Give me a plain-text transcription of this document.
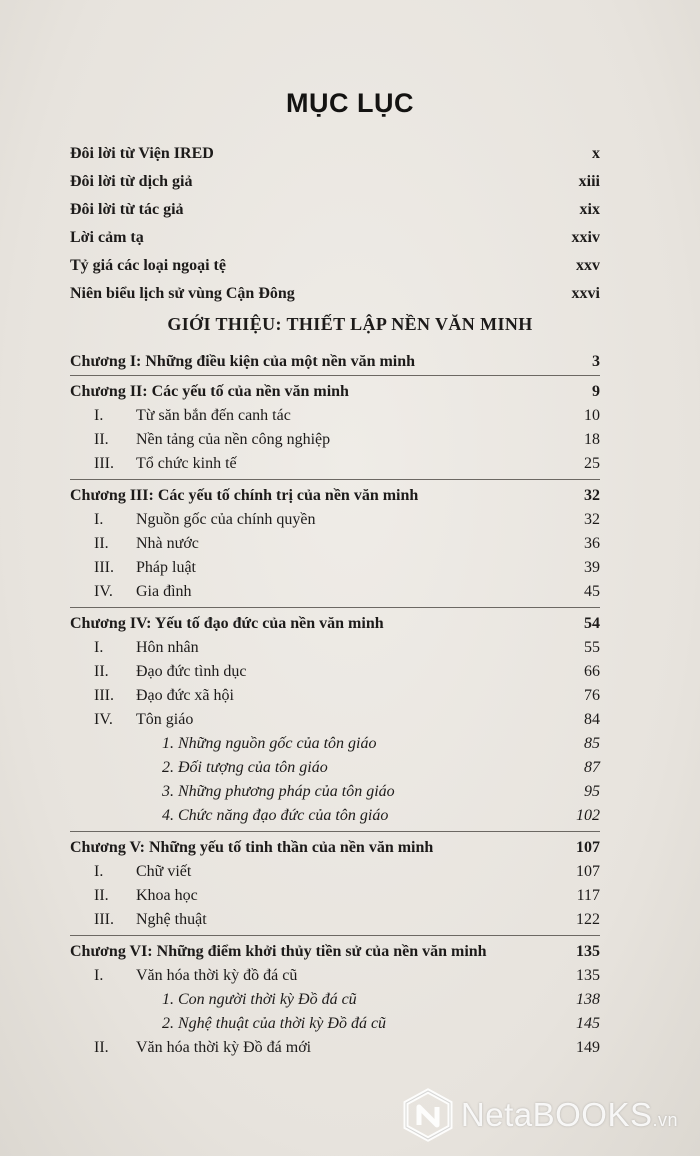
MỤC LỤC
Đôi lời từ Viện IRED	x
Đôi lời từ dịch giả	xiii
Đôi lời từ tác giả	xix
Lời cảm tạ	xxiv
Tỷ giá các loại ngoại tệ	xxv
Niên biểu lịch sử vùng Cận Đông	xxvi
GIỚI THIỆU: THIẾT LẬP NỀN VĂN MINH
Chương I: Những điều kiện của một nền văn minh	3
Chương II: Các yếu tố của nền văn minh	9
I. Từ săn bắn đến canh tác	10
II. Nền tảng của nền công nghiệp	18
III. Tổ chức kinh tế	25
Chương III: Các yếu tố chính trị của nền văn minh	32
I. Nguồn gốc của chính quyền	32
II. Nhà nước	36
III. Pháp luật	39
IV. Gia đình	45
Chương IV: Yếu tố đạo đức của nền văn minh	54
I. Hôn nhân	55
II. Đạo đức tình dục	66
III. Đạo đức xã hội	76
IV. Tôn giáo	84
1. Những nguồn gốc của tôn giáo	85
2. Đối tượng của tôn giáo	87
3. Những phương pháp của tôn giáo	95
4. Chức năng đạo đức của tôn giáo	102
Chương V: Những yếu tố tinh thần của nền văn minh	107
I. Chữ viết	107
II. Khoa học	117
III. Nghệ thuật	122
Chương VI: Những điểm khởi thủy tiền sử của nền văn minh	135
I. Văn hóa thời kỳ đồ đá cũ	135
1. Con người thời kỳ Đồ đá cũ	138
2. Nghệ thuật của thời kỳ Đồ đá cũ	145
II. Văn hóa thời kỳ Đồ đá mới	149
NetaBOOKS.vn
